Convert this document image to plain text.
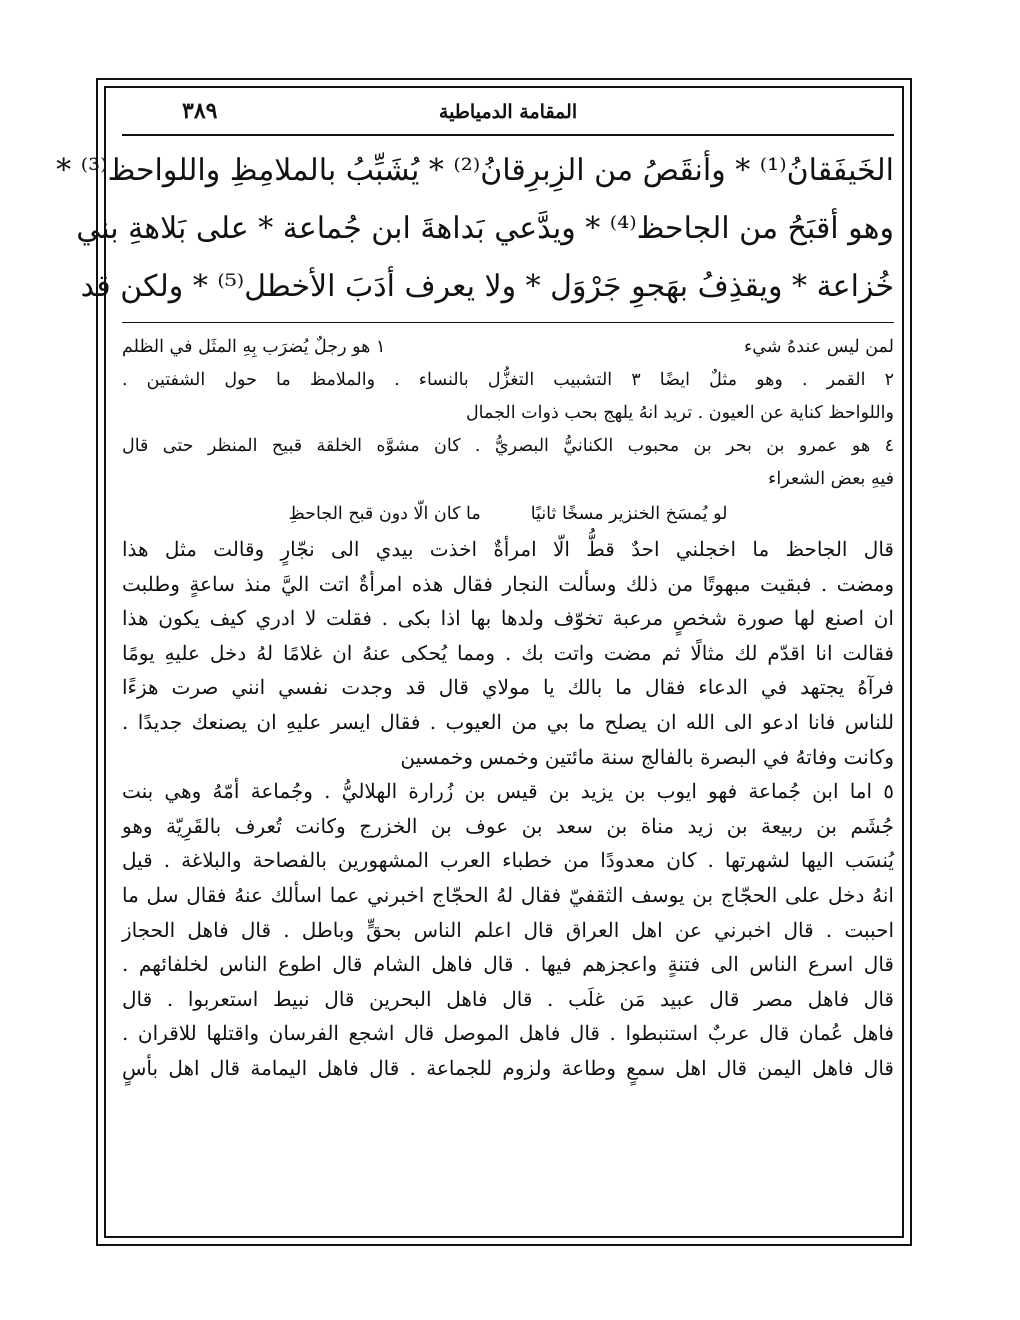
المقامة الدمياطية
٣٨٩
الخَيفَقانُ⁽¹⁾ * وأنقَصُ من الزِبرِقانُ⁽²⁾ * يُشَبِّبُ بالملامِظِ واللواحظ⁽³⁾ *
وهو أقبَحُ من الجاحظ⁽⁴⁾ * ويدَّعي بَداهةَ ابن جُماعة * على بَلاهةِ بني
خُزاعة * ويقذِفُ بهَجوِ جَرْوَل * ولا يعرف أدَبَ الأخطل⁽⁵⁾ * ولكن قد
لمن ليس عندهُ شيء
١ هو رجلٌ يُضرَب بِهِ المثَل في الظلم
٢ القمر . وهو مثلٌ ايضًا ٣ التشبيب التغزُّل بالنساء . والملامظ ما حول الشفتين .
واللواحظ كناية عن العيون . تريد انهُ يلهج بحب ذوات الجمال
٤ هو عمرو بن بحر بن محبوب الكنانيُّ البصريُّ . كان مشوَّه الخلقة قبيح المنظر حتى قال
فيهِ بعض الشعراء
لو يُمسَخ الخنزير مسخًا ثانيًا
ما كان الّا دون قبح الجاحظِ
قال الجاحظ ما اخجلني احدٌ قطُّ الّا امرأةٌ اخذت بيدي الى نجّارٍ وقالت مثل هذا
ومضت . فبقيت مبهوتًا من ذلك وسألت النجار فقال هذه امرأةٌ اتت اليَّ منذ ساعةٍ وطلبت
ان اصنع لها صورة شخصٍ مرعبة تخوّف ولدها بها اذا بكى . فقلت لا ادري كيف يكون هذا
فقالت انا اقدّم لك مثالًا ثم مضت واتت بك . ومما يُحكى عنهُ ان غلامًا لهُ دخل عليهِ يومًا
فرآهُ يجتهد في الدعاء فقال ما بالك يا مولاي قال قد وجدت نفسي انني صرت هزءًا
للناس فانا ادعو الى الله ان يصلح ما بي من العيوب . فقال ايسر عليهِ ان يصنعك جديدًا .
وكانت وفاتهُ في البصرة بالفالج سنة مائتين وخمس وخمسين
٥ اما ابن جُماعة فهو ايوب بن يزيد بن قيس بن زُرارة الهلاليُّ . وجُماعة أمّهُ وهي بنت
جُشَم بن ربيعة بن زيد مناة بن سعد بن عوف بن الخزرج وكانت تُعرف بالقَرِيّة وهو
يُنسَب اليها لشهرتها . كان معدودًا من خطباء العرب المشهورين بالفصاحة والبلاغة . قيل
انهُ دخل على الحجّاج بن يوسف الثقفيّ فقال لهُ الحجّاج اخبرني عما اسألك عنهُ فقال سل ما
احببت . قال اخبرني عن اهل العراق قال اعلم الناس بحقٍّ وباطل . قال فاهل الحجاز
قال اسرع الناس الى فتنةٍ واعجزهم فيها . قال فاهل الشام قال اطوع الناس لخلفائهم .
قال فاهل مصر قال عبيد مَن غلَب . قال فاهل البحرين قال نبيط استعربوا . قال
فاهل عُمان قال عربٌ استنبطوا . قال فاهل الموصل قال اشجع الفرسان واقتلها للاقران .
قال فاهل اليمن قال اهل سمعٍ وطاعة ولزوم للجماعة . قال فاهل اليمامة قال اهل بأسٍ
